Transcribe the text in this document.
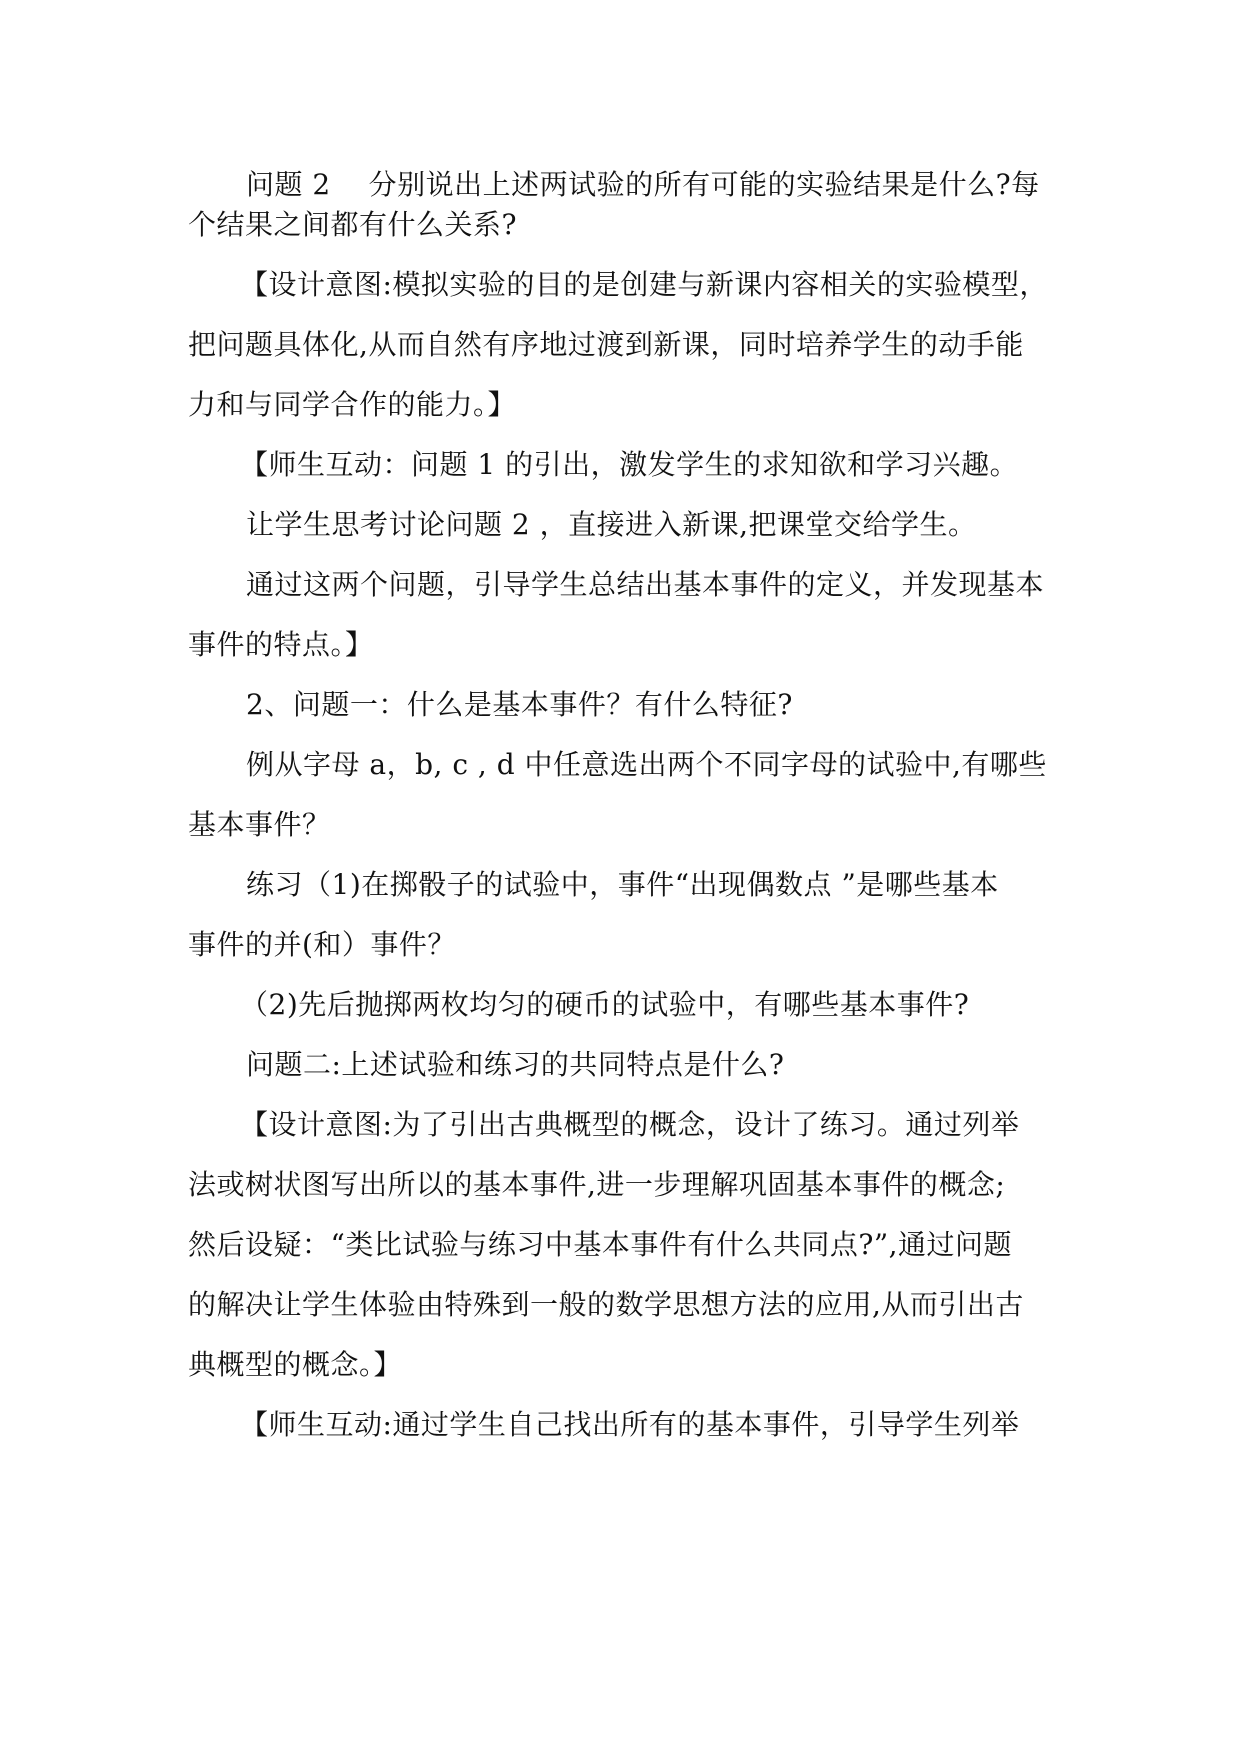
问题 2　 分别说出上述两试验的所有可能的实验结果是什么?每
个结果之间都有什么关系?
【设计意图:模拟实验的目的是创建与新课内容相关的实验模型，
把问题具体化,从而自然有序地过渡到新课，同时培养学生的动手能
力和与同学合作的能力。】
【师生互动：问题 1 的引出，激发学生的求知欲和学习兴趣。
让学生思考讨论问题 2 ，直接进入新课,把课堂交给学生。
通过这两个问题，引导学生总结出基本事件的定义，并发现基本
事件的特点。】
2、问题一：什么是基本事件？有什么特征?
例从字母 a，b, c , d 中任意选出两个不同字母的试验中,有哪些
基本事件？
练习（1)在掷骰子的试验中，事件“出现偶数点 ”是哪些基本
事件的并(和）事件？
（2)先后抛掷两枚均匀的硬币的试验中，有哪些基本事件?
问题二:上述试验和练习的共同特点是什么?
【设计意图:为了引出古典概型的概念，设计了练习。通过列举
法或树状图写出所以的基本事件,进一步理解巩固基本事件的概念;
然后设疑：“类比试验与练习中基本事件有什么共同点?”,通过问题
的解决让学生体验由特殊到一般的数学思想方法的应用,从而引出古
典概型的概念。】
【师生互动:通过学生自己找出所有的基本事件，引导学生列举
